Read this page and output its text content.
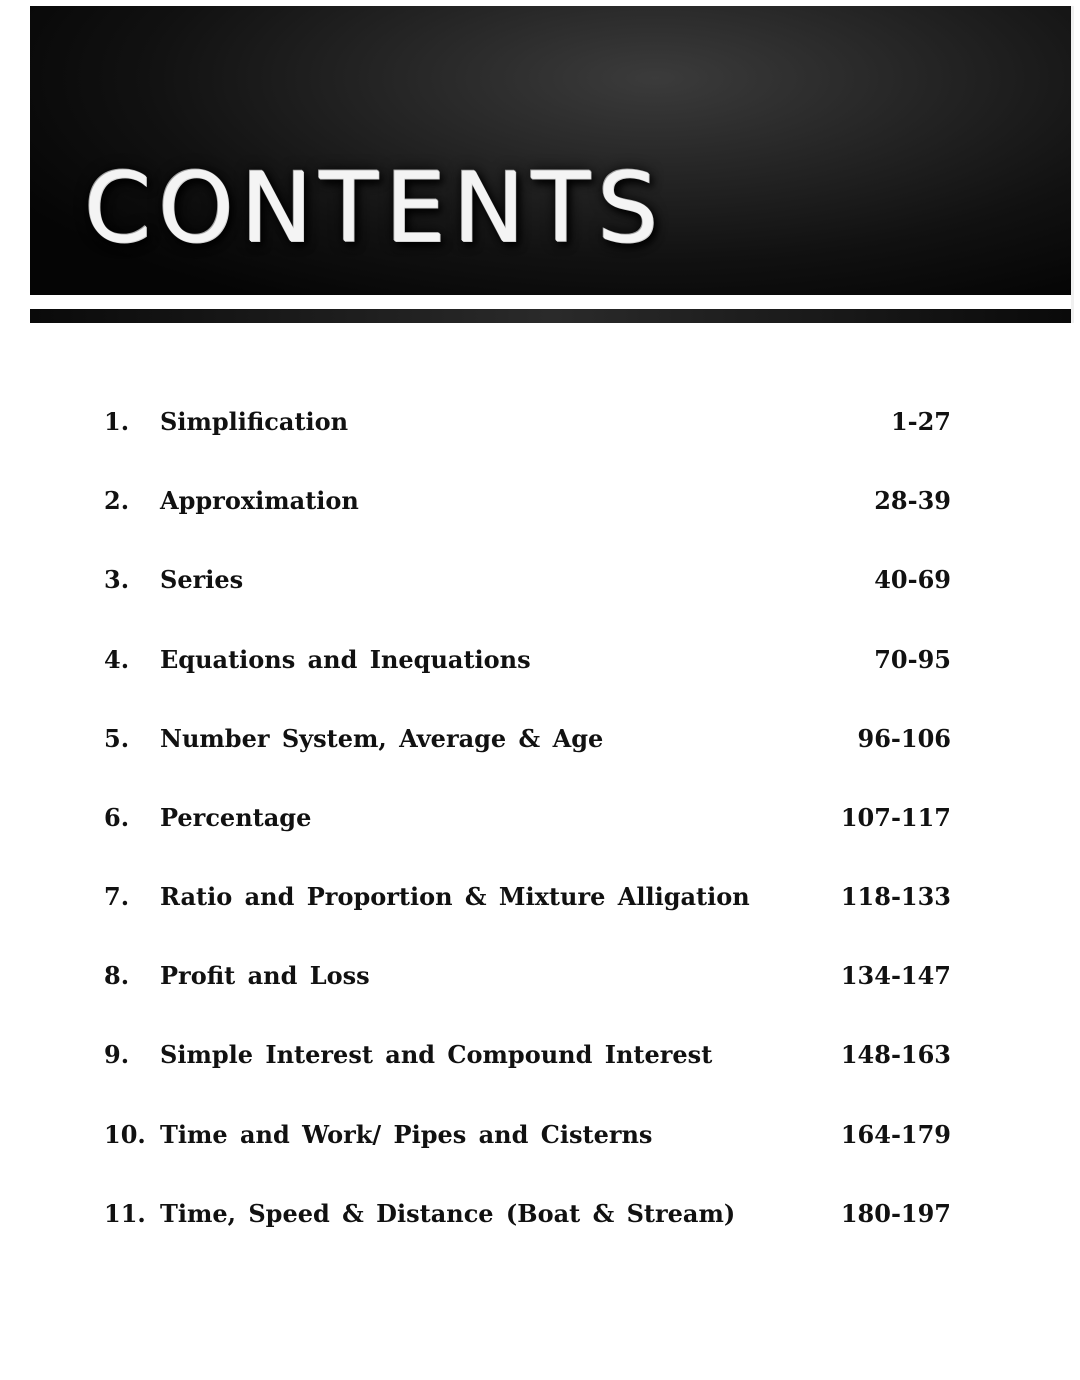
CONTENTS
1. Simplification	1-27
2. Approximation	28-39
3. Series	40-69
4. Equations and Inequations	70-95
5. Number System, Average & Age	96-106
6. Percentage	107-117
7. Ratio and Proportion & Mixture Alligation	118-133
8. Profit and Loss	134-147
9. Simple Interest and Compound Interest	148-163
10. Time and Work/ Pipes and Cisterns	164-179
11. Time, Speed & Distance (Boat & Stream)	180-197
